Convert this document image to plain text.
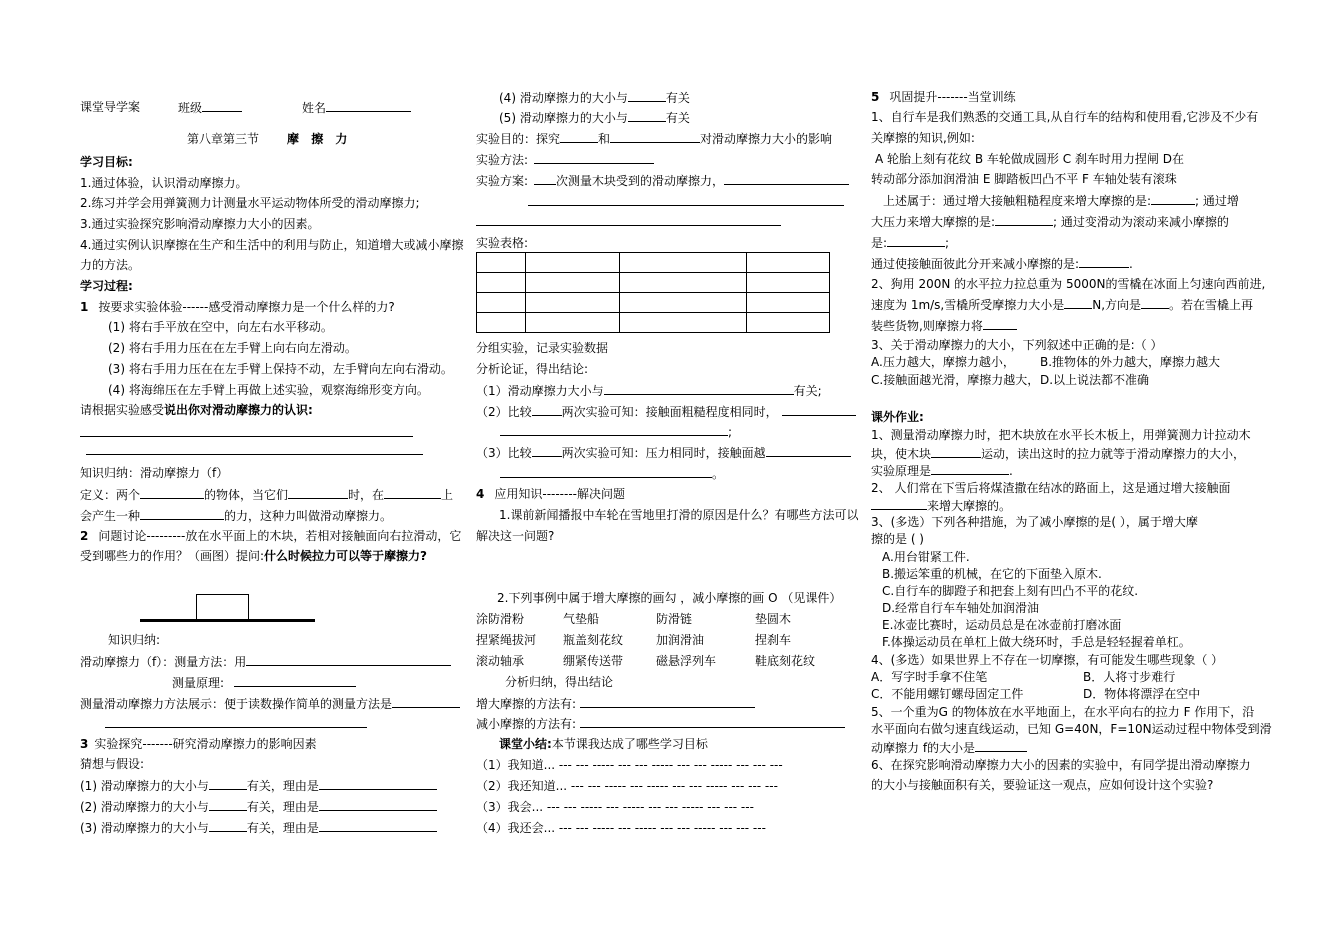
课堂导学案	班级	姓名
第八章第三节 摩 擦 力
学习目标:
1.通过体验，认识滑动摩擦力。
2.练习并学会用弹簧测力计测量水平运动物体所受的滑动摩擦力;
3.通过实验探究影响滑动摩擦力大小的因素。
4.通过实例认识摩擦在生产和生活中的利用与防止，知道增大或减小摩擦
力的方法。
学习过程:
1 按要求实验体验------感受滑动摩擦力是一个什么样的力?
(1) 将右手平放在空中，向左右水平移动。
(2) 将右手用力压在在左手臂上向右向左滑动。
(3) 将右手用力压在在左手臂上保持不动，左手臂向左向右滑动。
(4) 将海绵压在左手臂上再做上述实验，观察海绵形变方向。
请根据实验感受说出你对滑动摩擦力的认识:
知识归纳：滑动摩擦力（f）
定义：两个	的物体，当它们	时，在	上
会产生一种	的力，这种力叫做滑动摩擦力。
2 问题讨论---------放在水平面上的木块，若相对接触面向右拉滑动，它
受到哪些力的作用？（画图）提问:什么时候拉力可以等于摩擦力?
知识归纳:
滑动摩擦力（f）：测量方法：用
测量原理:
测量滑动摩擦力方法展示：便于读数操作简单的测量方法是
3 实验探究-------研究滑动摩擦力的影响因素
猜想与假设:
(1) 滑动摩擦力的大小与	有关，理由是
(2) 滑动摩擦力的大小与	有关，理由是
(3) 滑动摩擦力的大小与	有关，理由是
(4) 滑动摩擦力的大小与	有关
(5) 滑动摩擦力的大小与	有关
实验目的：探究	和	对滑动摩擦力大小的影响
实验方法:
实验方案: 次测量木块受到的滑动摩擦力，
实验表格:

分组实验，记录实验数据
分析论证，得出结论:
（1）滑动摩擦力大小与	有关;
（2）比较	两次实验可知：接触面粗糙程度相同时，
;
（3）比较	两次实验可知：压力相同时，接触面越
。
4 应用知识--------解决问题
1.课前新闻播报中车轮在雪地里打滑的原因是什么？有哪些方法可以
解决这一问题?
2.下列事例中属于增大摩擦的画勾 ，减小摩擦的画 O （见课件）
涂防滑粉	气垫船	防滑链	垫圆木
捏紧绳拔河 瓶盖刻花纹	加润滑油	捏刹车
滚动轴承	绷紧传送带	磁悬浮列车	鞋底刻花纹
分析归纳，得出结论
增大摩擦的方法有:
减小摩擦的方法有:
课堂小结:本节课我达成了哪些学习目标
（1）我知道... --- --- ----- --- --- ----- --- --- ----- --- --- ---
（2）我还知道... --- --- ----- --- ----- --- --- ----- --- --- ---
（3）我会... --- --- ----- --- ----- --- --- ----- --- --- ---
（4）我还会... --- --- ----- --- ----- --- --- ----- --- --- ---
5 巩固提升-------当堂训练
1、自行车是我们熟悉的交通工具,从自行车的结构和使用看,它涉及不少有
关摩擦的知识,例如:
A 轮胎上刻有花纹 B 车轮做成圆形 C 刹车时用力捏闸 D在
转动部分添加润滑油 E 脚踏板凹凸不平 F 车轴处装有滚珠
上述属于：通过增大接触粗糙程度来增大摩擦的是:	; 通过增
大压力来增大摩擦的是:	; 通过变滑动为滚动来减小摩擦的
是:	;
通过使接触面彼此分开来减小摩擦的是:	.
2、狗用 200N 的水平拉力拉总重为 5000N的雪橇在冰面上匀速向西前进,
速度为 1m/s,雪橇所受摩擦力大小是 N,方向是 。若在雪橇上再
装些货物,则摩擦力将
3、关于滑动摩擦力的大小，下列叙述中正确的是:（ ）
A.压力越大，摩擦力越小， B.推物体的外力越大，摩擦力越大
C.接触面越光滑，摩擦力越大， D.以上说法都不准确
课外作业:
1、测量滑动摩擦力时，把木块放在水平长木板上，用弹簧测力计拉动木
块，使木块	运动，读出这时的拉力就等于滑动摩擦力的大小，
实验原理是	.
2、 人们常在下雪后将煤渣撒在结冰的路面上，这是通过增大接触面
来增大摩擦的。
3、(多选）下列各种措施，为了减小摩擦的是( ），属于增大摩
擦的是 ( )
A.用台钳紧工件.
B.搬运笨重的机械，在它的下面垫入原木.
C.自行车的脚蹬子和把套上刻有凹凸不平的花纹.
D.经常自行车车轴处加润滑油
E.冰壶比赛时，运动员总是在冰壶前打磨冰面
F.体操运动员在单杠上做大绕环时，手总是轻轻握着单杠。
4、(多选）如果世界上不存在一切摩擦，有可能发生哪些现象（ ）
A．写字时手拿不住笔	B．人将寸步难行
C．不能用螺钉螺母固定工件	D．物体将漂浮在空中
5、一个重为G 的物体放在水平地面上，在水平向右的拉力 F 作用下，沿
水平面向右做匀速直线运动，已知 G=40N，F=10N运动过程中物体受到滑
动摩擦力 f的大小是
6、在探究影响滑动摩擦力大小的因素的实验中，有同学提出滑动摩擦力
的大小与接触面积有关，要验证这一观点，应如何设计这个实验?
